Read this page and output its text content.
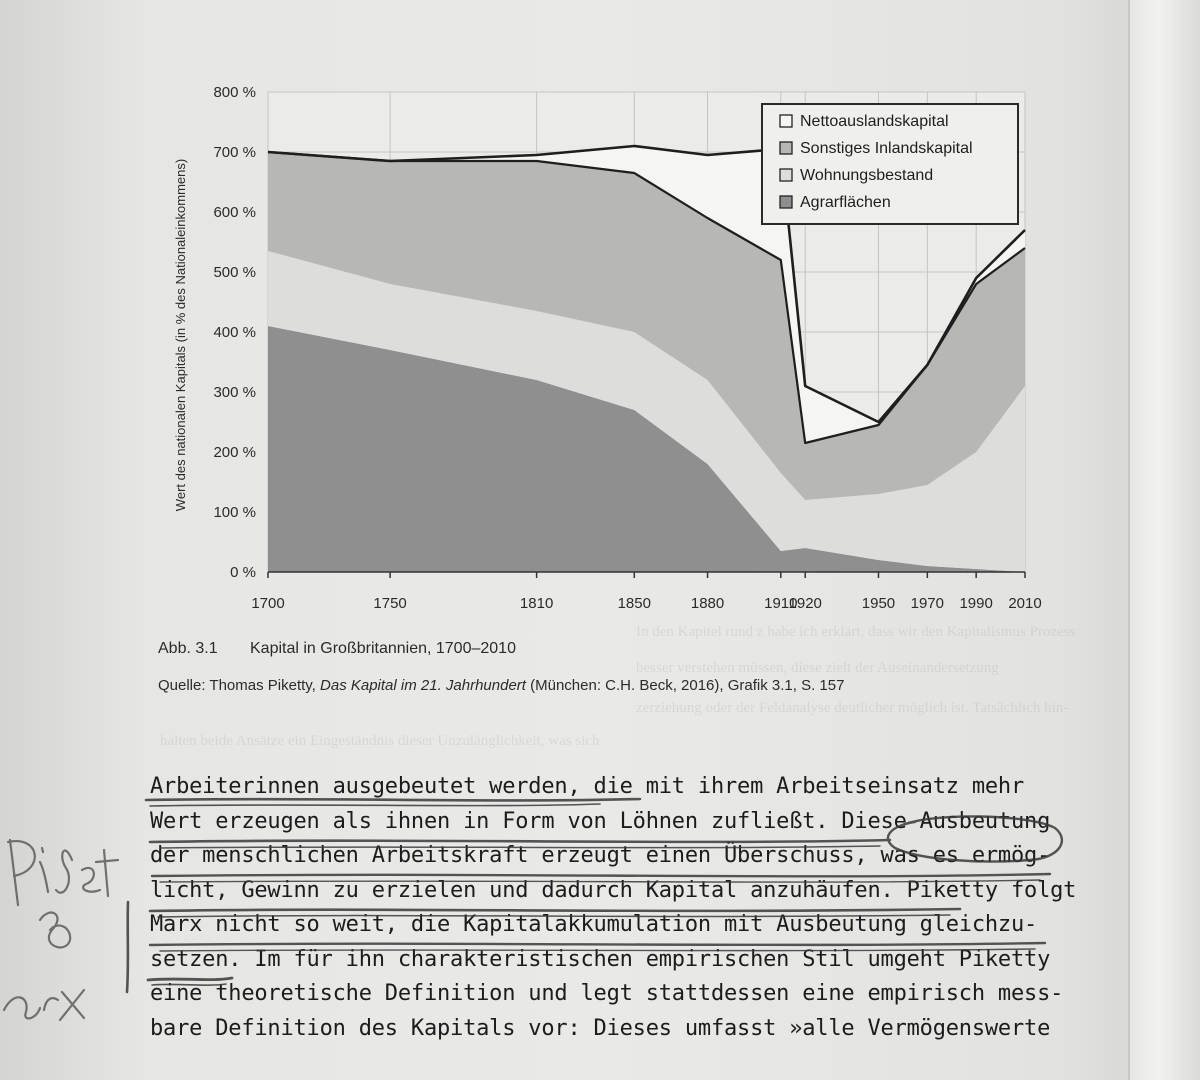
0 %
100 %
200 %
300 %
400 %
500 %
600 %
700 %
800 %
1700	1750	1810	1850	1880	1910
1920	1950 1970 1990 2010
Wert des nationalen Kapitals (in % des Nationaleinkommens)
Nettoauslandskapital
Sonstiges Inlandskapital
Wohnungsbestand
Agrarflächen
Abb. 3.1 Kapital in Großbritannien, 1700–2010
Quelle: Thomas Piketty, Das Kapital im 21. Jahrhundert (München: C.H. Beck, 2016), Grafik 3.1, S. 157
In den Kapitel rund z habe ich erklärt, dass wir den Kapitalismus Prozess
besser verstehen müssen, diese zielt der Auseinandersetzung
zerziehung oder der Feldanalyse deutlicher möglich ist. Tatsächlich hin-
halten beide Ansätze ein Eingeständnis dieser Unzulänglichkeit, was sich
Arbeiterinnen ausgebeutet werden, die mit ihrem Arbeitseinsatz mehr
Wert erzeugen als ihnen in Form von Löhnen zufließt. Diese Ausbeutung
der menschlichen Arbeitskraft erzeugt einen Überschuss, was es ermög-
licht, Gewinn zu erzielen und dadurch Kapital anzuhäufen. Piketty folgt
Marx nicht so weit, die Kapitalakkumulation mit Ausbeutung gleichzu-
setzen. Im für ihn charakteristischen empirischen Stil umgeht Piketty
eine theoretische Definition und legt stattdessen eine empirisch mess-
bare Definition des Kapitals vor: Dieses umfasst »alle Vermögenswerte
